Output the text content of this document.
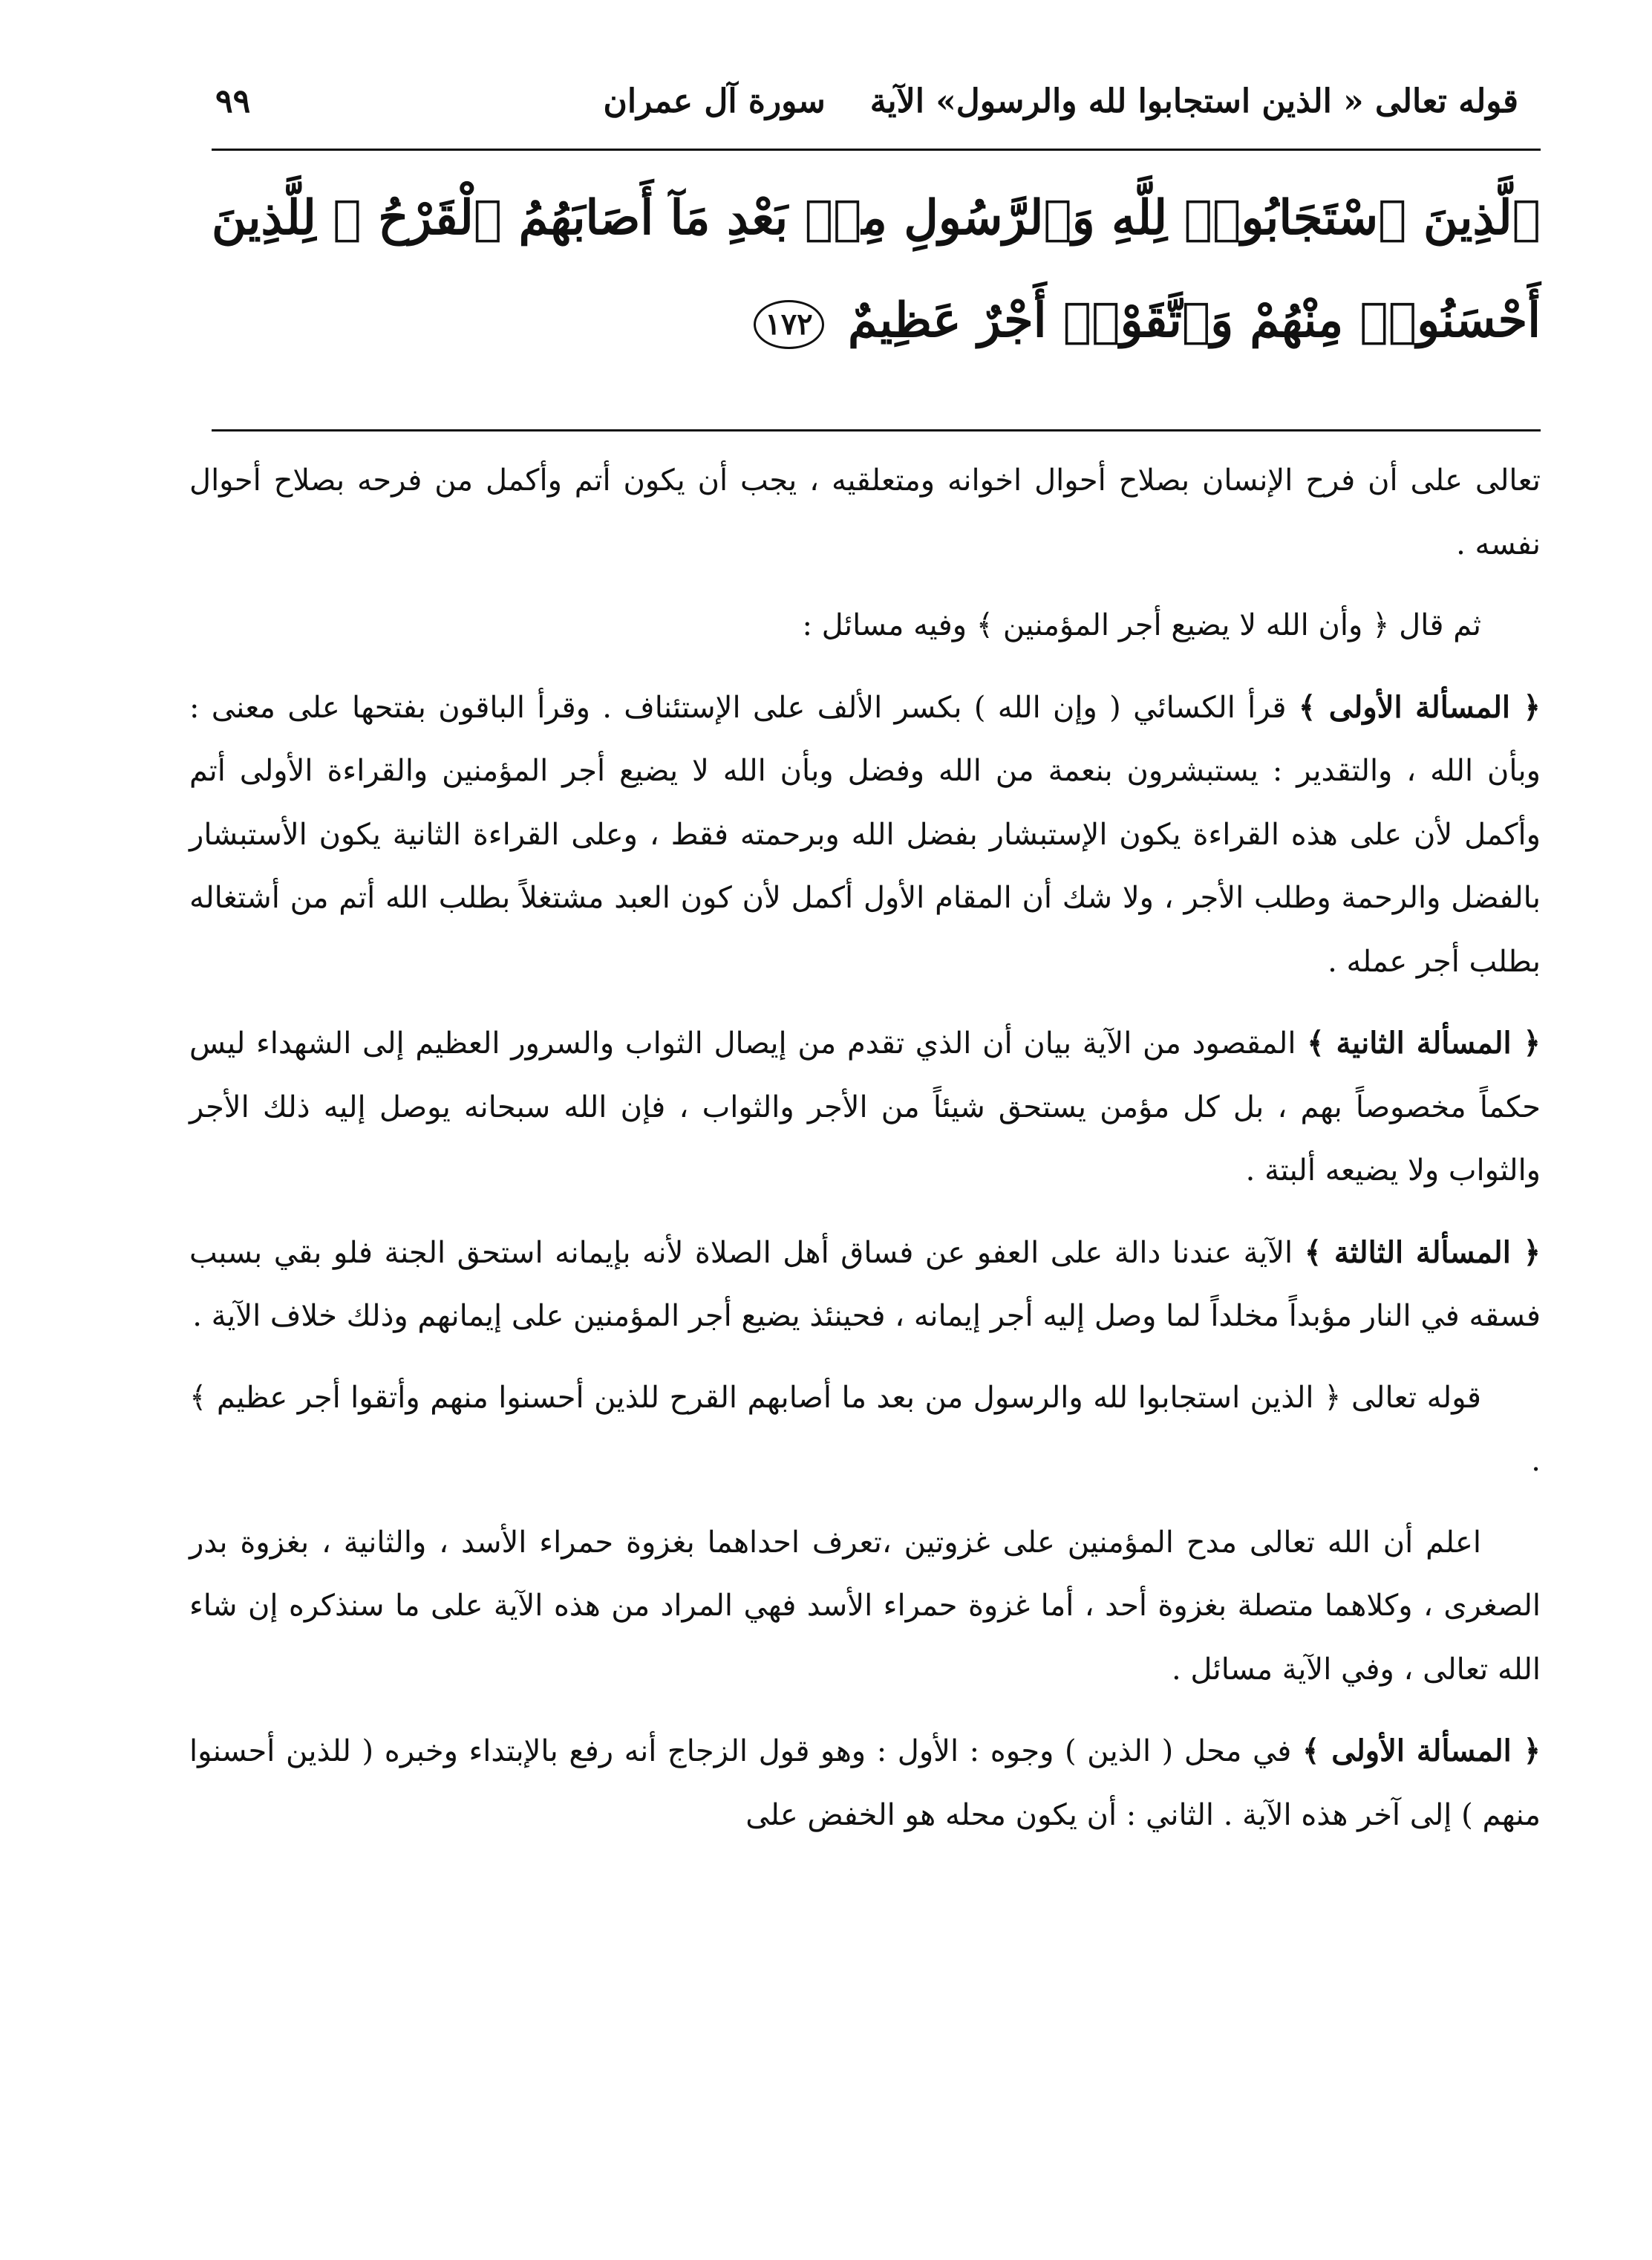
قوله تعالى « الذين استجابوا لله والرسول» الآية
سورة آل عمران
٩٩
ٱلَّذِينَ ٱسْتَجَابُوا۟ لِلَّهِ وَٱلرَّسُولِ مِنۢ بَعْدِ مَآ أَصَابَهُمُ ٱلْقَرْحُ ۚ لِلَّذِينَ أَحْسَنُوا۟ مِنْهُمْ وَٱتَّقَوْا۟ أَجْرٌ عَظِيمٌ ١٧٢

تعالى على أن فرح الإنسان بصلاح أحوال اخوانه ومتعلقيه ، يجب أن يكون أتم وأكمل من فرحه بصلاح أحوال نفسه .

ثم قال ﴿ وأن الله لا يضيع أجر المؤمنين ﴾ وفيه مسائل :

﴿ المسألة الأولى ﴾ قرأ الكسائي ( وإن الله ) بكسر الألف على الإستئناف . وقرأ الباقون بفتحها على معنى : وبأن الله ، والتقدير : يستبشرون بنعمة من الله وفضل وبأن الله لا يضيع أجر المؤمنين والقراءة الأولى أتم وأكمل لأن على هذه القراءة يكون الإستبشار بفضل الله وبرحمته فقط ، وعلى القراءة الثانية يكون الأستبشار بالفضل والرحمة وطلب الأجر ، ولا شك أن المقام الأول أكمل لأن كون العبد مشتغلاً بطلب الله أتم من أشتغاله بطلب أجر عمله .

﴿ المسألة الثانية ﴾ المقصود من الآية بيان أن الذي تقدم من إيصال الثواب والسرور العظيم إلى الشهداء ليس حكماً مخصوصاً بهم ، بل كل مؤمن يستحق شيئاً من الأجر والثواب ، فإن الله سبحانه يوصل إليه ذلك الأجر والثواب ولا يضيعه ألبتة .

﴿ المسألة الثالثة ﴾ الآية عندنا دالة على العفو عن فساق أهل الصلاة لأنه بإيمانه استحق الجنة فلو بقي بسبب فسقه في النار مؤبداً مخلداً لما وصل إليه أجر إيمانه ، فحينئذ يضيع أجر المؤمنين على إيمانهم وذلك خلاف الآية .

قوله تعالى ﴿ الذين استجابوا لله والرسول من بعد ما أصابهم القرح للذين أحسنوا منهم وأتقوا أجر عظيم ﴾ .

اعلم أن الله تعالى مدح المؤمنين على غزوتين ،تعرف احداهما بغزوة حمراء الأسد ، والثانية ، بغزوة بدر الصغرى ، وكلاهما متصلة بغزوة أحد ، أما غزوة حمراء الأسد فهي المراد من هذه الآية على ما سنذكره إن شاء الله تعالى ، وفي الآية مسائل .

﴿ المسألة الأولى ﴾ في محل ( الذين ) وجوه : الأول : وهو قول الزجاج أنه رفع بالإبتداء وخبره ( للذين أحسنوا منهم ) إلى آخر هذه الآية . الثاني : أن يكون محله هو الخفض على
